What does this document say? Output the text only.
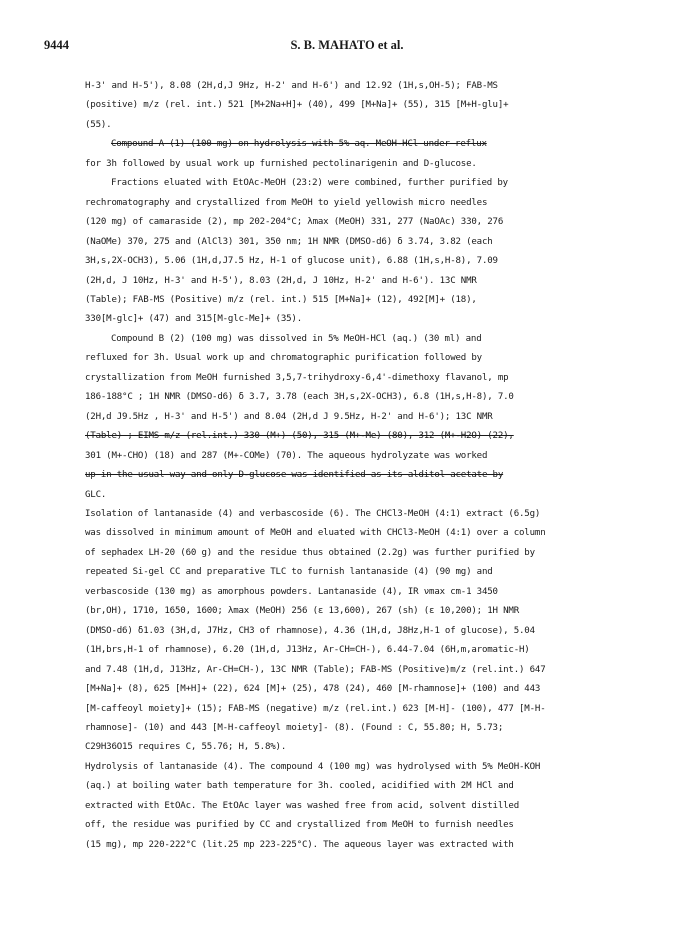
9444	S. B. MAHATO et al.
H-3' and H-5'), 8.08 (2H,d,J 9Hz, H-2' and H-6') and 12.92 (1H,s,OH-5); FAB-MS
(positive) m/z (rel. int.) 521 [M+2Na+H]+ (40), 499 [M+Na]+ (55), 315 [M+H-glu]+
(55).
Compound A (1) (100 mg) on hydrolysis with 5% aq. MeOH-HCl under reflux
for 3h followed by usual work up furnished pectolinarigenin and D-glucose.
Fractions eluated with EtOAc-MeOH (23:2) were combined, further purified by
rechromatography and crystallized from MeOH to yield yellowish micro needles
(120 mg) of camaraside (2), mp 202-204°C; λmax (MeOH) 331, 277 (NaOAc) 330, 276
(NaOMe) 370, 275 and (AlCl3) 301, 350 nm; 1H NMR (DMSO-d6) δ 3.74, 3.82 (each
3H,s,2X-OCH3), 5.06 (1H,d,J7.5 Hz, H-1 of glucose unit), 6.88 (1H,s,H-8), 7.09
(2H,d, J 10Hz, H-3' and H-5'), 8.03 (2H,d, J 10Hz, H-2' and H-6'). 13C NMR
(Table); FAB-MS (Positive) m/z (rel. int.) 515 [M+Na]+ (12), 492[M]+ (18),
330[M-glc]+ (47) and 315[M-glc-Me]+ (35).
Compound B (2) (100 mg) was dissolved in 5% MeOH-HCl (aq.) (30 ml) and
refluxed for 3h. Usual work up and chromatographic purification followed by
crystallization from MeOH furnished 3,5,7-trihydroxy-6,4'-dimethoxy flavanol, mp
186-188°C ; 1H NMR (DMSO-d6) δ 3.7, 3.78 (each 3H,s,2X-OCH3), 6.8 (1H,s,H-8), 7.0
(2H,d J9.5Hz , H-3' and H-5') and 8.04 (2H,d J 9.5Hz, H-2' and H-6'); 13C NMR
(Table) ; EIMS m/z (rel.int.) 330 (M+) (50), 315 (M+-Me) (80), 312 (M+-H2O) (22),
301 (M+-CHO) (18) and 287 (M+-COMe) (70). The aqueous hydrolyzate was worked
up in the usual way and only D-glucose was identified as its alditol acetate by
GLC.
Isolation of lantanaside (4) and verbascoside (6). The CHCl3-MeOH (4:1) extract (6.5g)
was dissolved in minimum amount of MeOH and eluated with CHCl3-MeOH (4:1) over a column
of sephadex LH-20 (60 g) and the residue thus obtained (2.2g) was further purified by
repeated Si-gel CC and preparative TLC to furnish lantanaside (4) (90 mg) and
verbascoside (130 mg) as amorphous powders. Lantanaside (4), IR νmax cm-1 3450
(br,OH), 1710, 1650, 1600; λmax (MeOH) 256 (ε 13,600), 267 (sh) (ε 10,200); 1H NMR
(DMSO-d6) δ1.03 (3H,d, J7Hz, CH3 of rhamnose), 4.36 (1H,d, J8Hz,H-1 of glucose), 5.04
(1H,brs,H-1 of rhamnose), 6.20 (1H,d, J13Hz, Ar-CH=CH-), 6.44-7.04 (6H,m,aromatic-H)
and 7.48 (1H,d, J13Hz, Ar-CH=CH-), 13C NMR (Table); FAB-MS (Positive)m/z (rel.int.) 647
[M+Na]+ (8), 625 [M+H]+ (22), 624 [M]+ (25), 478 (24), 460 [M-rhamnose]+ (100) and 443
[M-caffeoyl moiety]+ (15); FAB-MS (negative) m/z (rel.int.) 623 [M-H]- (100), 477 [M-H-
rhamnose]- (10) and 443 [M-H-caffeoyl moiety]- (8). (Found : C, 55.80; H, 5.73;
C29H36O15 requires C, 55.76; H, 5.8%).
Hydrolysis of lantanaside (4). The compound 4 (100 mg) was hydrolysed with 5% MeOH-KOH
(aq.) at boiling water bath temperature for 3h. cooled, acidified with 2M HCl and
extracted with EtOAc. The EtOAc layer was washed free from acid, solvent distilled
off, the residue was purified by CC and crystallized from MeOH to furnish needles
(15 mg), mp 220-222°C (lit.25 mp 223-225°C). The aqueous layer was extracted with
